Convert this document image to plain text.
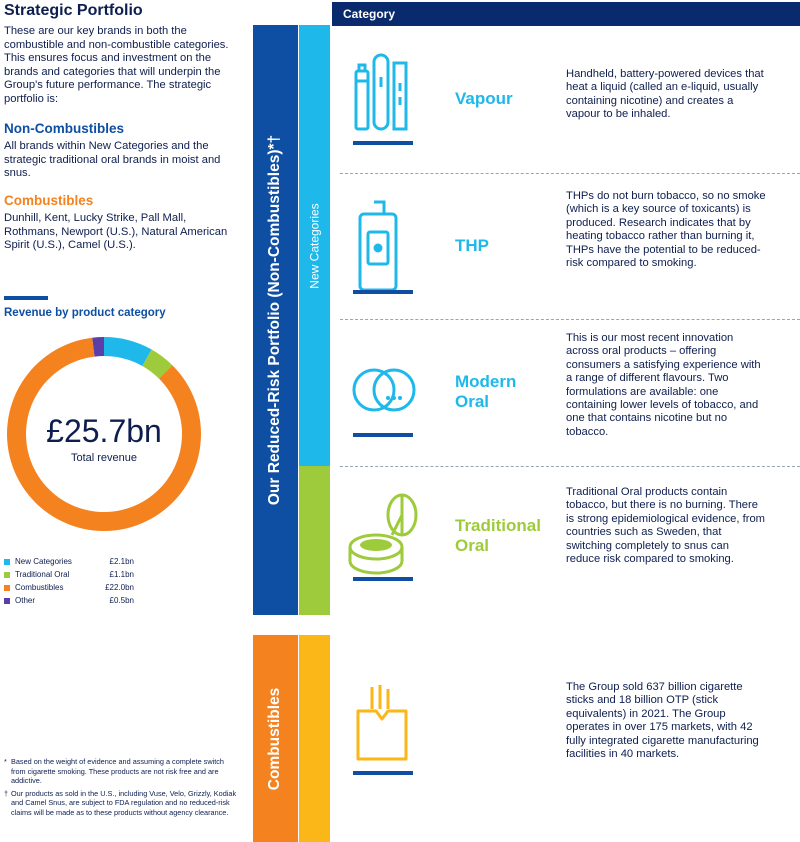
Strategic Portfolio
These are our key brands in both the combustible and non-combustible categories. This ensures focus and investment on the brands and categories that will underpin the Group's future performance. The strategic portfolio is:
Non-Combustibles
All brands within New Categories and the strategic traditional oral brands in moist and snus.
Combustibles
Dunhill, Kent, Lucky Strike, Pall Mall, Rothmans, Newport (U.S.), Natural American Spirit (U.S.), Camel (U.S.).
Revenue by product category
£25.7bn
Total revenue
New Categories	£2.1bn
Traditional Oral	£1.1bn
Combustibles	£22.0bn
Other	£0.5bn
* Based on the weight of evidence and assuming a complete switch from cigarette smoking. These products are not risk free and are addictive.
† Our products as sold in the U.S., including Vuse, Velo, Grizzly, Kodiak and Camel Snus, are subject to FDA regulation and no reduced-risk claims will be made as to these products without agency clearance.
Category
Our Reduced-Risk Portfolio (Non-Combustibles)*† New Categories
Combustibles
Vapour
Handheld, battery-powered devices that heat a liquid (called an e-liquid, usually containing nicotine) and creates a vapour to be inhaled.
THP
THPs do not burn tobacco, so no smoke (which is a key source of toxicants) is produced. Research indicates that by heating tobacco rather than burning it, THPs have the potential to be reduced-risk compared to smoking.
Modern
Oral
This is our most recent innovation across oral products – offering consumers a satisfying experience with a range of different flavours. Two formulations are available: one containing lower levels of tobacco, and one that contains nicotine but no tobacco.
Traditional
Oral
Traditional Oral products contain tobacco, but there is no burning. There is strong epidemiological evidence, from countries such as Sweden, that switching completely to snus can reduce risk compared to smoking.
The Group sold 637 billion cigarette sticks and 18 billion OTP (stick equivalents) in 2021. The Group operates in over 175 markets, with 42 fully integrated cigarette manufacturing facilities in 40 markets.
